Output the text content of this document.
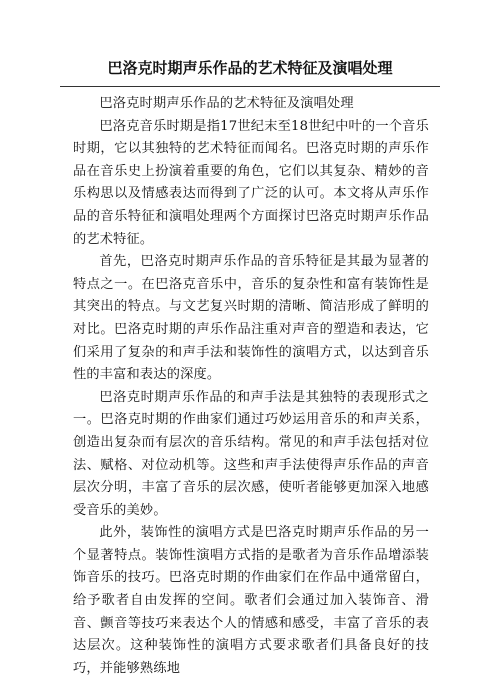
巴洛克时期声乐作品的艺术特征及演唱处理

巴洛克时期声乐作品的艺术特征及演唱处理

巴洛克音乐时期是指17世纪末至18世纪中叶的一个音乐时期，它以其独特的艺术特征而闻名。巴洛克时期的声乐作品在音乐史上扮演着重要的角色，它们以其复杂、精妙的音乐构思以及情感表达而得到了广泛的认可。本文将从声乐作品的音乐特征和演唱处理两个方面探讨巴洛克时期声乐作品的艺术特征。

首先，巴洛克时期声乐作品的音乐特征是其最为显著的特点之一。在巴洛克音乐中，音乐的复杂性和富有装饰性是其突出的特点。与文艺复兴时期的清晰、简洁形成了鲜明的对比。巴洛克时期的声乐作品注重对声音的塑造和表达，它们采用了复杂的和声手法和装饰性的演唱方式，以达到音乐性的丰富和表达的深度。

巴洛克时期声乐作品的和声手法是其独特的表现形式之一。巴洛克时期的作曲家们通过巧妙运用音乐的和声关系，创造出复杂而有层次的音乐结构。常见的和声手法包括对位法、赋格、对位动机等。这些和声手法使得声乐作品的声音层次分明，丰富了音乐的层次感，使听者能够更加深入地感受音乐的美妙。

此外，装饰性的演唱方式是巴洛克时期声乐作品的另一个显著特点。装饰性演唱方式指的是歌者为音乐作品增添装饰音乐的技巧。巴洛克时期的作曲家们在作品中通常留白，给予歌者自由发挥的空间。歌者们会通过加入装饰音、滑音、颤音等技巧来表达个人的情感和感受，丰富了音乐的表达层次。这种装饰性的演唱方式要求歌者们具备良好的技巧，并能够熟练地
